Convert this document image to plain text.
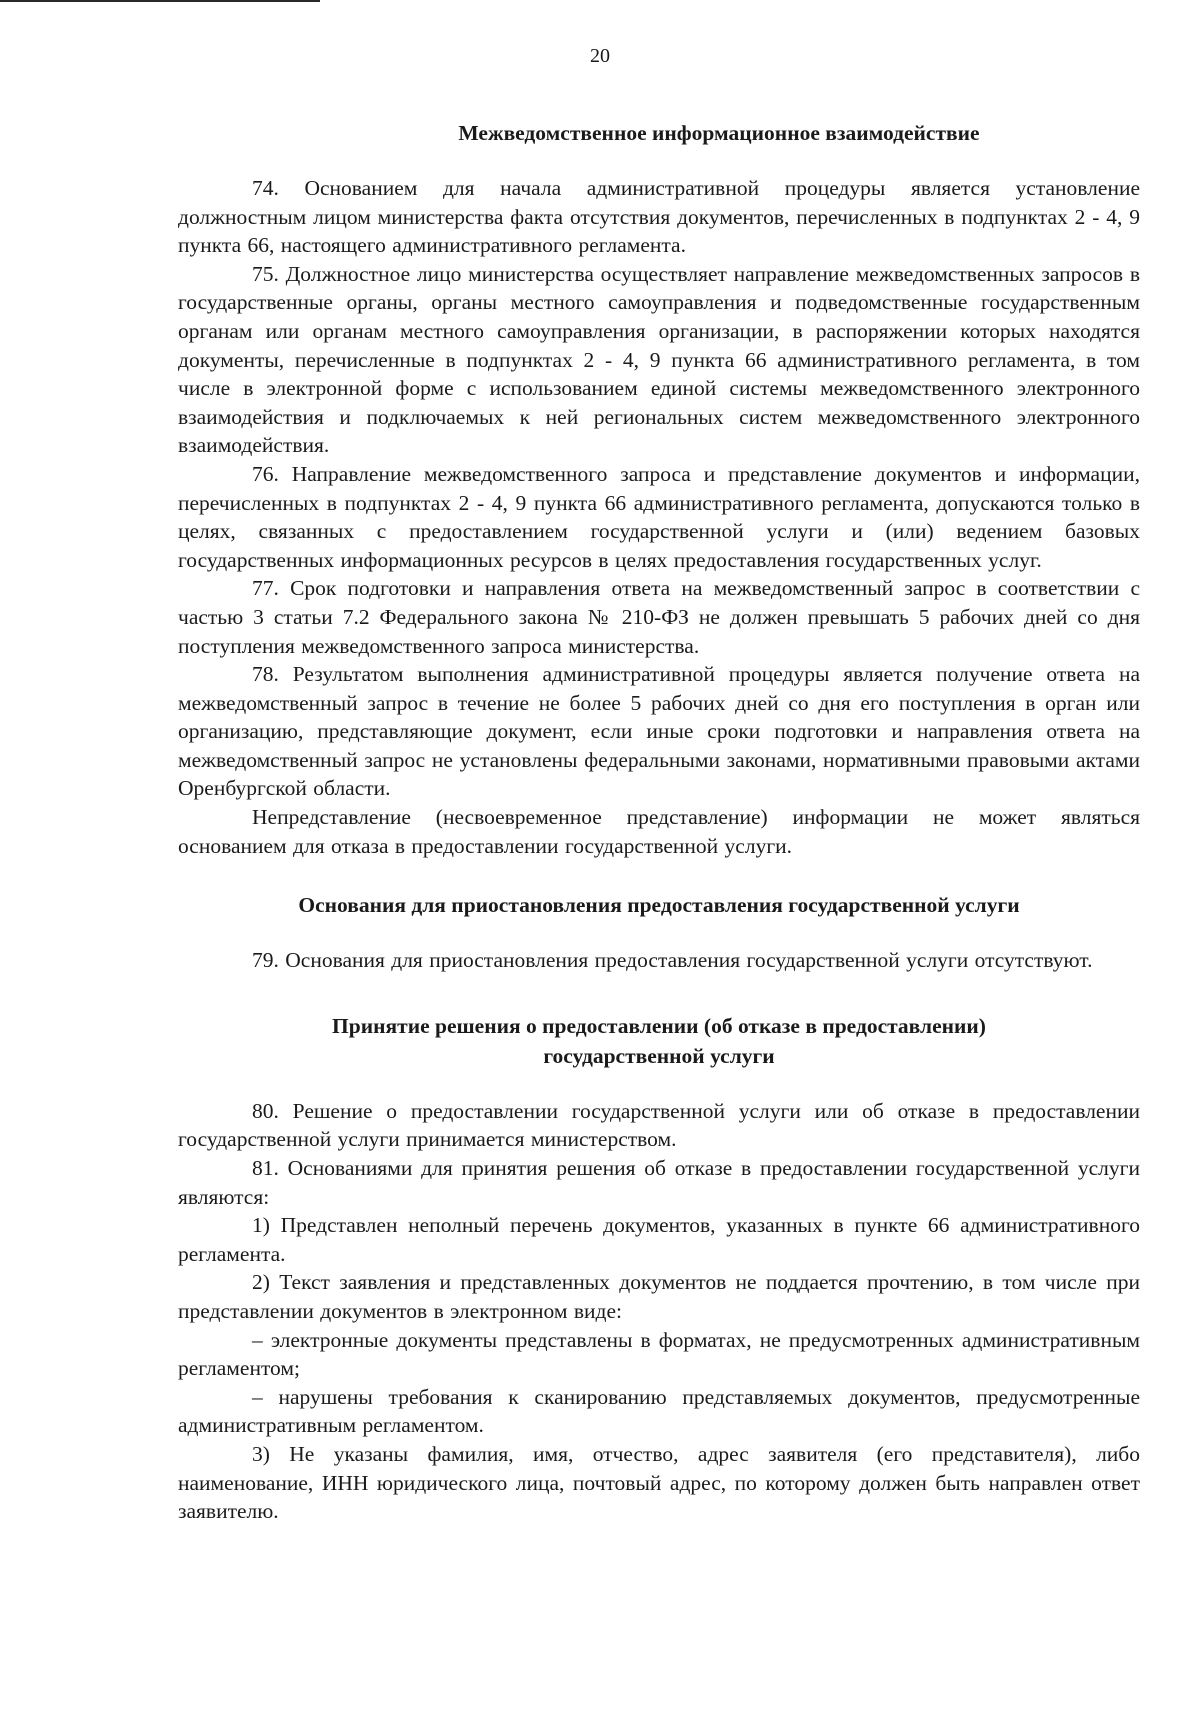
20
Межведомственное информационное взаимодействие

74. Основанием для начала административной процедуры является установление должностным лицом министерства факта отсутствия документов, перечисленных в подпунктах 2 - 4, 9 пункта 66, настоящего административного регламента.

75. Должностное лицо министерства осуществляет направление межведомственных запросов в государственные органы, органы местного самоуправления и подведомственные государственным органам или органам местного самоуправления организации, в распоряжении которых находятся документы, перечисленные в подпунктах 2 - 4, 9 пункта 66 административного регламента, в том числе в электронной форме с использованием единой системы межведомственного электронного взаимодействия и подключаемых к ней региональных систем межведомственного электронного взаимодействия.

76. Направление межведомственного запроса и представление документов и информации, перечисленных в подпунктах 2 - 4, 9 пункта 66 административного регламента, допускаются только в целях, связанных с предоставлением государственной услуги и (или) ведением базовых государственных информационных ресурсов в целях предоставления государственных услуг.

77. Срок подготовки и направления ответа на межведомственный запрос в соответствии с частью 3 статьи 7.2 Федерального закона № 210-ФЗ не должен превышать 5 рабочих дней со дня поступления межведомственного запроса министерства.

78. Результатом выполнения административной процедуры является получение ответа на межведомственный запрос в течение не более 5 рабочих дней со дня его поступления в орган или организацию, представляющие документ, если иные сроки подготовки и направления ответа на межведомственный запрос не установлены федеральными законами, нормативными правовыми актами Оренбургской области.

Непредставление (несвоевременное представление) информации не может являться основанием для отказа в предоставлении государственной услуги.

Основания для приостановления предоставления государственной услуги

79. Основания для приостановления предоставления государственной услуги отсутствуют.

Принятие решения о предоставлении (об отказе в предоставлении)
государственной услуги

80. Решение о предоставлении государственной услуги или об отказе в предоставлении государственной услуги принимается министерством.

81. Основаниями для принятия решения об отказе в предоставлении государственной услуги являются:

1) Представлен неполный перечень документов, указанных в пункте 66 административного регламента.

2) Текст заявления и представленных документов не поддается прочтению, в том числе при представлении документов в электронном виде:

– электронные документы представлены в форматах, не предусмотренных административным регламентом;

– нарушены требования к сканированию представляемых документов, предусмотренные административным регламентом.

3) Не указаны фамилия, имя, отчество, адрес заявителя (его представителя), либо наименование, ИНН юридического лица, почтовый адрес, по которому должен быть направлен ответ заявителю.
